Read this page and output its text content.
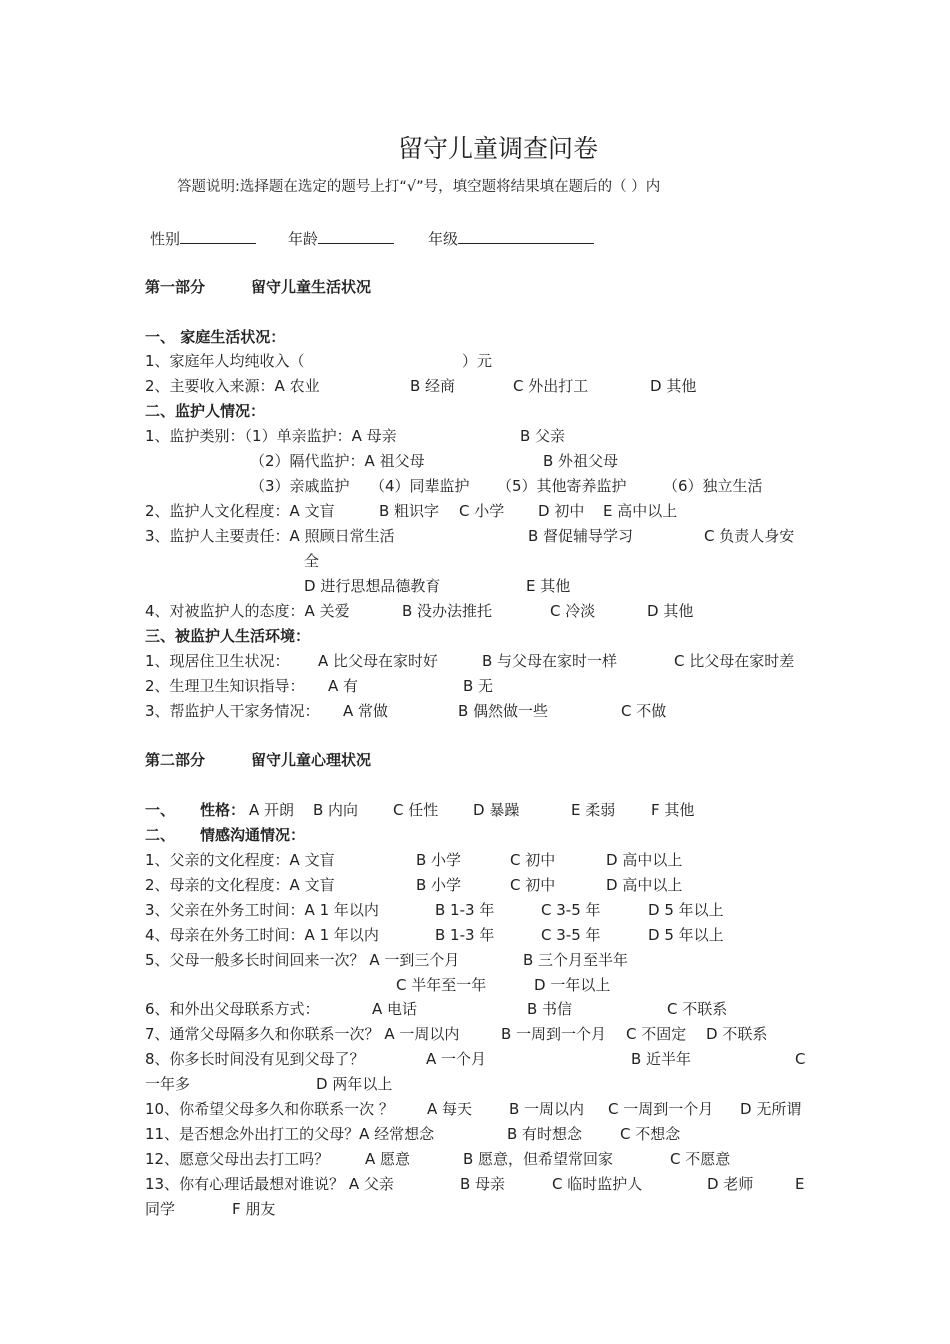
留守儿童调查问卷
答题说明:选择题在选定的题号上打“√”号，填空题将结果填在题后的（ ）内
性别	年龄	年级
第一部分	留守儿童生活状况
一、 家庭生活状况：
1、家庭年人均纯收入（	）元
2、主要收入来源：A 农业	B 经商	C 外出打工	D 其他
二、监护人情况：
1、监护类别：（1）单亲监护：A 母亲	B 父亲
（2）隔代监护：A 祖父母	B 外祖父母
（3）亲戚监护 （4）同辈监护 （5）其他寄养监护 （6）独立生活
2、监护人文化程度：A 文盲	B 粗识字 C 小学 D 初中 E 高中以上
3、监护人主要责任：A 照顾日常生活	B 督促辅导学习	C 负责人身安
全
D 进行思想品德教育	E 其他
4、对被监护人的态度：A 关爱	B 没办法推托	C 冷淡	D 其他
三、被监护人生活环境：
1、现居住卫生状况： A 比父母在家时好	B 与父母在家时一样	C 比父母在家时差
2、生理卫生知识指导： A 有	B 无
3、帮监护人干家务情况： A 常做	B 偶然做一些	C 不做
第二部分	留守儿童心理状况
一、 性格： A 开朗 B 内向 C 任性 D 暴躁	E 柔弱 F 其他
二、 情感沟通情况：
1、父亲的文化程度：A 文盲	B 小学	C 初中	D 高中以上
2、母亲的文化程度：A 文盲	B 小学	C 初中	D 高中以上
3、父亲在外务工时间：A 1 年以内	B 1-3 年	C 3-5 年	D 5 年以上
4、母亲在外务工时间：A 1 年以内	B 1-3 年	C 3-5 年	D 5 年以上
5、父母一般多长时间回来一次？ A 一到三个月	B 三个月至半年
C 半年至一年	D 一年以上
6、和外出父母联系方式：	A 电话	B 书信	C 不联系
7、通常父母隔多久和你联系一次？ A 一周以内	B 一周到一个月 C 不固定 D 不联系
8、你多长时间没有见到父母了？	A 一个月	B 近半年	C
一年多	D 两年以上
10、你希望父母多久和你联系一次 ？ A 每天 B 一周以内 C 一周到一个月 D 无所谓
11、是否想念外出打工的父母？A 经常想念	B 有时想念	C 不想念
12、愿意父母出去打工吗？ A 愿意	B 愿意，但希望常回家	C 不愿意
13、你有心理话最想对谁说？ A 父亲	B 母亲	C 临时监护人	D 老师	E
同学	F 朋友
